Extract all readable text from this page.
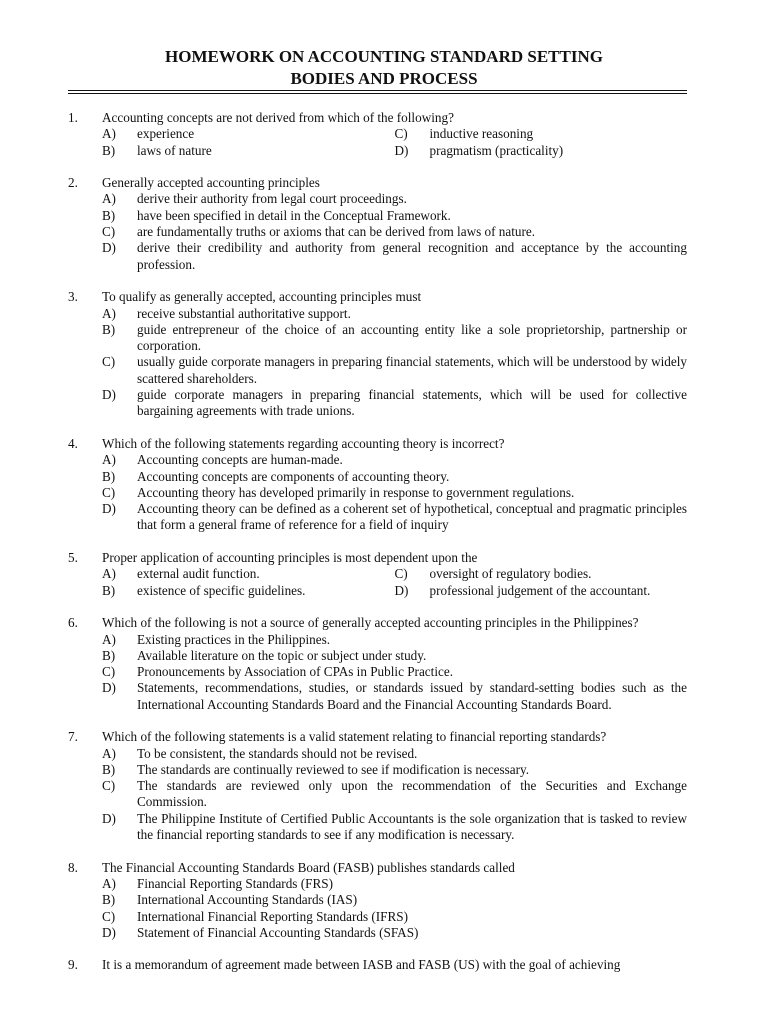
HOMEWORK ON ACCOUNTING STANDARD SETTING
BODIES AND PROCESS
1. Accounting concepts are not derived from which of the following?
A) experience
B) laws of nature
C) inductive reasoning
D) pragmatism (practicality)
2. Generally accepted accounting principles
A) derive their authority from legal court proceedings.
B) have been specified in detail in the Conceptual Framework.
C) are fundamentally truths or axioms that can be derived from laws of nature.
D) derive their credibility and authority from general recognition and acceptance by the accounting profession.
3. To qualify as generally accepted, accounting principles must
A) receive substantial authoritative support.
B) guide entrepreneur of the choice of an accounting entity like a sole proprietorship, partnership or corporation.
C) usually guide corporate managers in preparing financial statements, which will be understood by widely scattered shareholders.
D) guide corporate managers in preparing financial statements, which will be used for collective bargaining agreements with trade unions.
4. Which of the following statements regarding accounting theory is incorrect?
A) Accounting concepts are human-made.
B) Accounting concepts are components of accounting theory.
C) Accounting theory has developed primarily in response to government regulations.
D) Accounting theory can be defined as a coherent set of hypothetical, conceptual and pragmatic principles that form a general frame of reference for a field of inquiry
5. Proper application of accounting principles is most dependent upon the
A) external audit function.
B) existence of specific guidelines.
C) oversight of regulatory bodies.
D) professional judgement of the accountant.
6. Which of the following is not a source of generally accepted accounting principles in the Philippines?
A) Existing practices in the Philippines.
B) Available literature on the topic or subject under study.
C) Pronouncements by Association of CPAs in Public Practice.
D) Statements, recommendations, studies, or standards issued by standard-setting bodies such as the International Accounting Standards Board and the Financial Accounting Standards Board.
7. Which of the following statements is a valid statement relating to financial reporting standards?
A) To be consistent, the standards should not be revised.
B) The standards are continually reviewed to see if modification is necessary.
C) The standards are reviewed only upon the recommendation of the Securities and Exchange Commission.
D) The Philippine Institute of Certified Public Accountants is the sole organization that is tasked to review the financial reporting standards to see if any modification is necessary.
8. The Financial Accounting Standards Board (FASB) publishes standards called
A) Financial Reporting Standards (FRS)
B) International Accounting Standards (IAS)
C) International Financial Reporting Standards (IFRS)
D) Statement of Financial Accounting Standards (SFAS)
9. It is a memorandum of agreement made between IASB and FASB (US) with the goal of achieving
